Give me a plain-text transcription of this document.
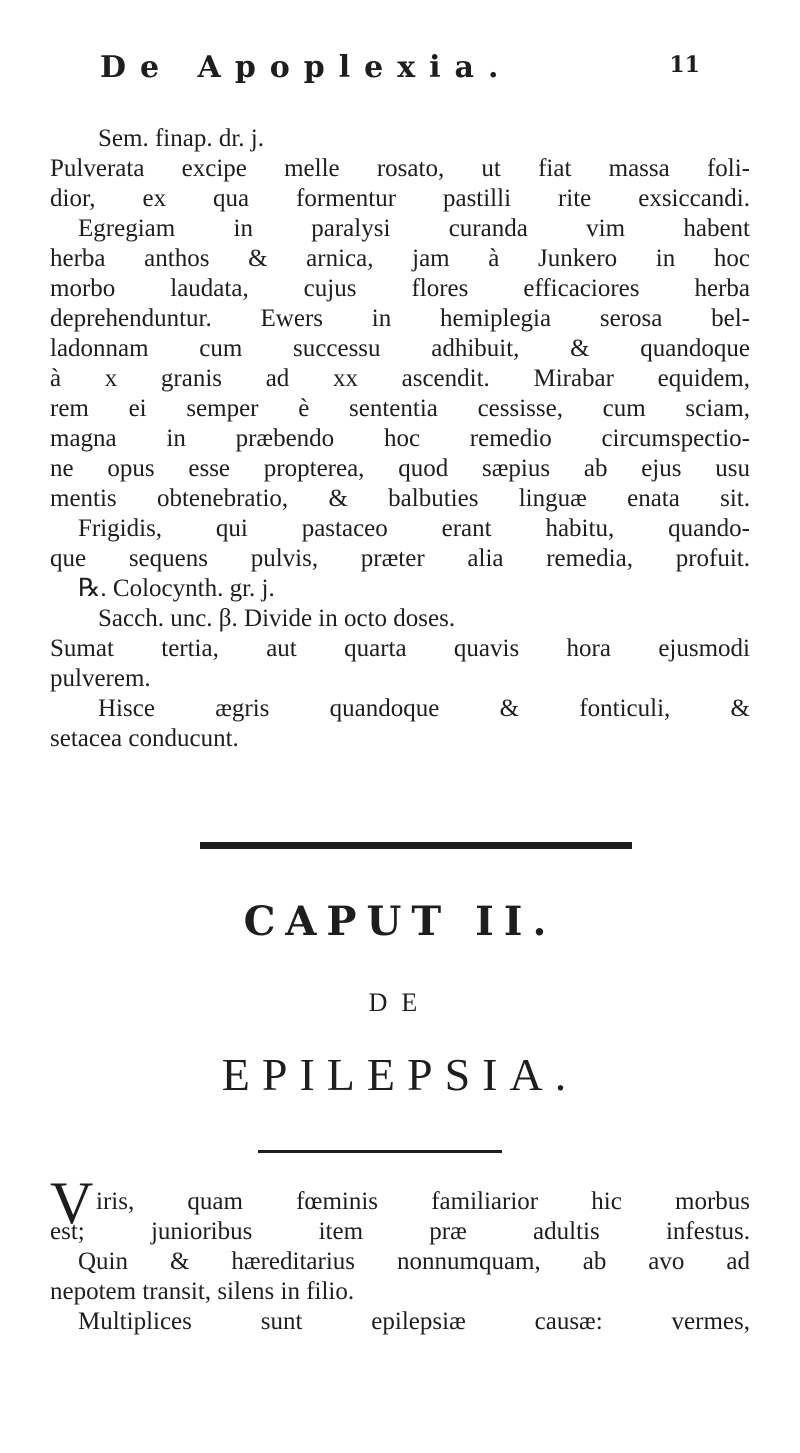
De Apoplexia.	11
Sem. finap. dr. j.
Pulverata excipe melle rosato, ut fiat massa foli-
dior, ex qua formentur pastilli rite exsiccandi.
Egregiam in paralysi curanda vim habent
herba anthos & arnica, jam à Junkero in hoc
morbo laudata, cujus flores efficaciores herba
deprehenduntur. Ewers in hemiplegia serosa bel-
ladonnam cum successu adhibuit, & quandoque
à x granis ad xx ascendit. Mirabar equidem,
rem ei semper è sententia cessisse, cum sciam,
magna in præbendo hoc remedio circumspectio-
ne opus esse propterea, quod sæpius ab ejus usu
mentis obtenebratio, & balbuties linguæ enata sit.
Frigidis, qui pastaceo erant habitu, quando-
que sequens pulvis, præter alia remedia, profuit.
℞. Colocynth. gr. j.
Sacch. unc. β. Divide in octo doses.
Sumat tertia, aut quarta quavis hora ejusmodi
pulverem.
Hisce ægris quandoque & fonticuli, &
setacea conducunt.
CAPUT II.
DE
EPILEPSIA.
V iris, quam fœminis familiarior hic morbus
est; junioribus item præ adultis infestus.
Quin & hæreditarius nonnumquam, ab avo ad
nepotem transit, silens in filio.
Multiplices sunt epilepsiæ causæ: vermes,
